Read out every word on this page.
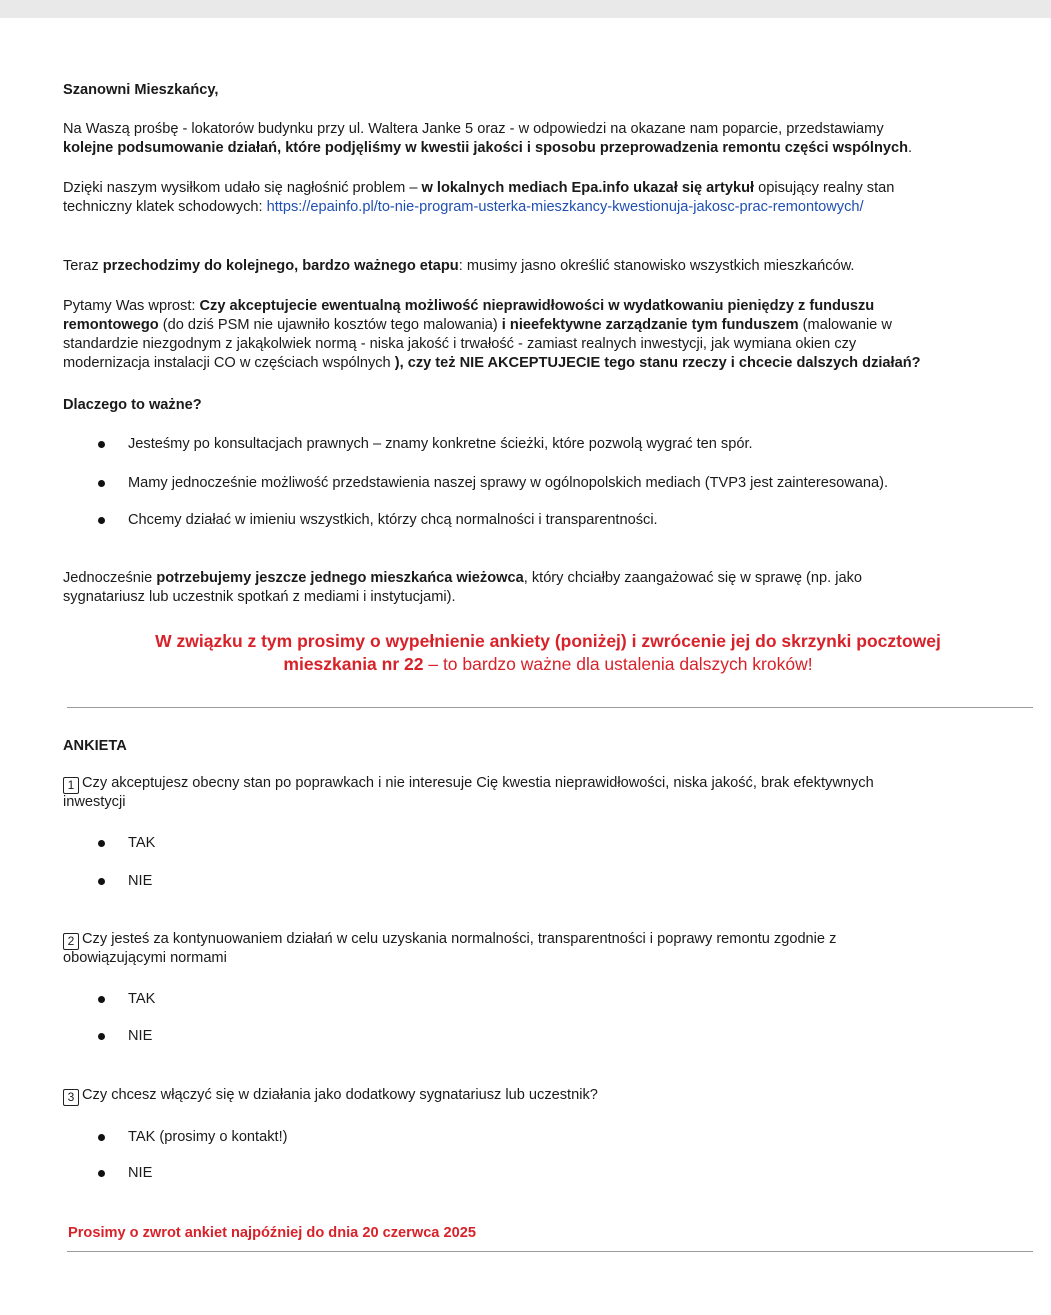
Szanowni Mieszkańcy,
Na Waszą prośbę - lokatorów budynku przy ul. Waltera Janke 5 oraz - w odpowiedzi na okazane nam poparcie, przedstawiamy
kolejne podsumowanie działań, które podjęliśmy w kwestii jakości i sposobu przeprowadzenia remontu części wspólnych.
Dzięki naszym wysiłkom udało się nagłośnić problem – w lokalnych mediach Epa.info ukazał się artykuł opisujący realny stan
techniczny klatek schodowych: https://epainfo.pl/to-nie-program-usterka-mieszkancy-kwestionuja-jakosc-prac-remontowych/
Teraz przechodzimy do kolejnego, bardzo ważnego etapu: musimy jasno określić stanowisko wszystkich mieszkańców.
Pytamy Was wprost: Czy akceptujecie ewentualną możliwość nieprawidłowości w wydatkowaniu pieniędzy z funduszu
remontowego (do dziś PSM nie ujawniło kosztów tego malowania) i nieefektywne zarządzanie tym funduszem (malowanie w
standardzie niezgodnym z jakąkolwiek normą - niska jakość i trwałość - zamiast realnych inwestycji, jak wymiana okien czy
modernizacja instalacji CO w częściach wspólnych ), czy też NIE AKCEPTUJECIE tego stanu rzeczy i chcecie dalszych działań?
Dlaczego to ważne?
Jesteśmy po konsultacjach prawnych – znamy konkretne ścieżki, które pozwolą wygrać ten spór.
Mamy jednocześnie możliwość przedstawienia naszej sprawy w ogólnopolskich mediach (TVP3 jest zainteresowana).
Chcemy działać w imieniu wszystkich, którzy chcą normalności i transparentności.
Jednocześnie potrzebujemy jeszcze jednego mieszkańca wieżowca, który chciałby zaangażować się w sprawę (np. jako
sygnatariusz lub uczestnik spotkań z mediami i instytucjami).
W związku z tym prosimy o wypełnienie ankiety (poniżej) i zwrócenie jej do skrzynki pocztowej
mieszkania nr 22 – to bardzo ważne dla ustalenia dalszych kroków!
ANKIETA
1 Czy akceptujesz obecny stan po poprawkach i nie interesuje Cię kwestia nieprawidłowości, niska jakość, brak efektywnych
inwestycji
TAK
NIE
2 Czy jesteś za kontynuowaniem działań w celu uzyskania normalności, transparentności i poprawy remontu zgodnie z
obowiązującymi normami
TAK
NIE
3 Czy chcesz włączyć się w działania jako dodatkowy sygnatariusz lub uczestnik?
TAK (prosimy o kontakt!)
NIE
Prosimy o zwrot ankiet najpóźniej do dnia 20 czerwca 2025
